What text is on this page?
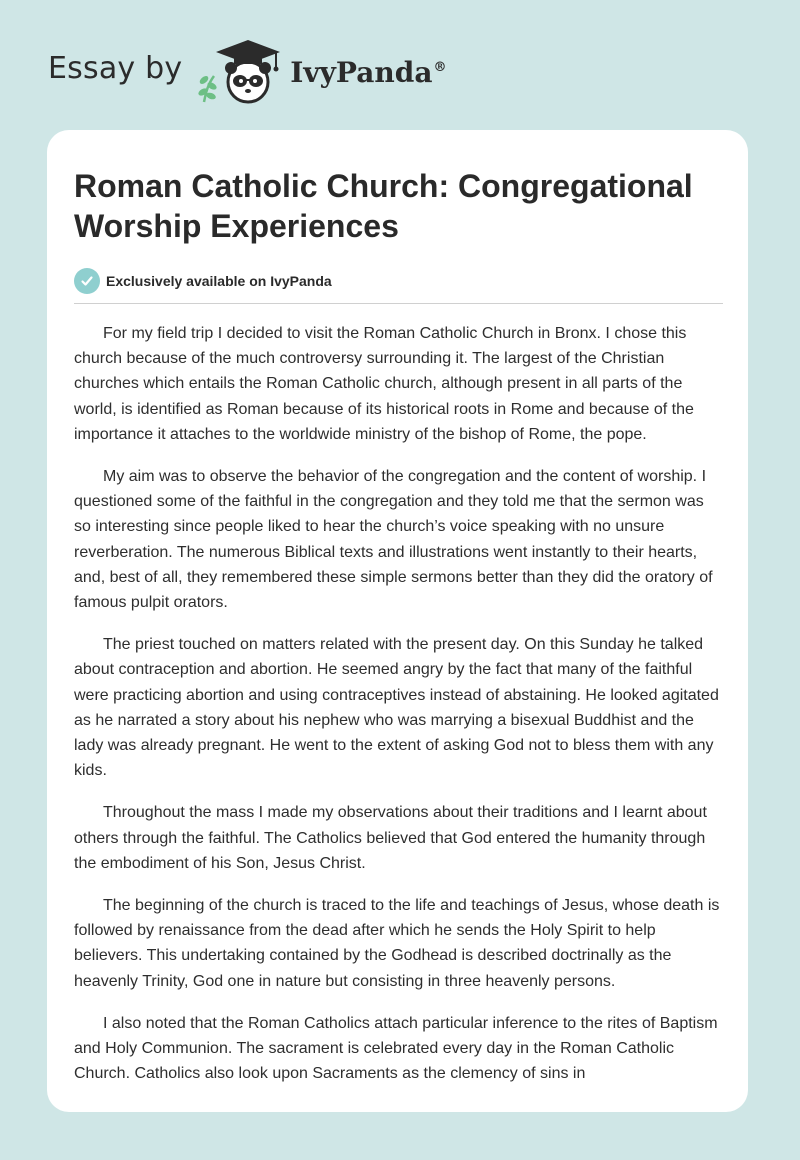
Essay by	IvyPanda®
Roman Catholic Church: Congregational Worship Experiences
Exclusively available on IvyPanda

For my field trip I decided to visit the Roman Catholic Church in Bronx. I chose this church because of the much controversy surrounding it. The largest of the Christian churches which entails the Roman Catholic church, although present in all parts of the world, is identified as Roman because of its historical roots in Rome and because of the importance it attaches to the worldwide ministry of the bishop of Rome, the pope.

My aim was to observe the behavior of the congregation and the content of worship. I questioned some of the faithful in the congregation and they told me that the sermon was so interesting since people liked to hear the church’s voice speaking with no unsure reverberation. The numerous Biblical texts and illustrations went instantly to their hearts, and, best of all, they remembered these simple sermons better than they did the oratory of famous pulpit orators.

The priest touched on matters related with the present day. On this Sunday he talked about contraception and abortion. He seemed angry by the fact that many of the faithful were practicing abortion and using contraceptives instead of abstaining. He looked agitated as he narrated a story about his nephew who was marrying a bisexual Buddhist and the lady was already pregnant. He went to the extent of asking God not to bless them with any kids.

Throughout the mass I made my observations about their traditions and I learnt about others through the faithful. The Catholics believed that God entered the humanity through the embodiment of his Son, Jesus Christ.

The beginning of the church is traced to the life and teachings of Jesus, whose death is followed by renaissance from the dead after which he sends the Holy Spirit to help believers. This undertaking contained by the Godhead is described doctrinally as the heavenly Trinity, God one in nature but consisting in three heavenly persons.

I also noted that the Roman Catholics attach particular inference to the rites of Baptism and Holy Communion. The sacrament is celebrated every day in the Roman Catholic Church. Catholics also look upon Sacraments as the clemency of sins in
